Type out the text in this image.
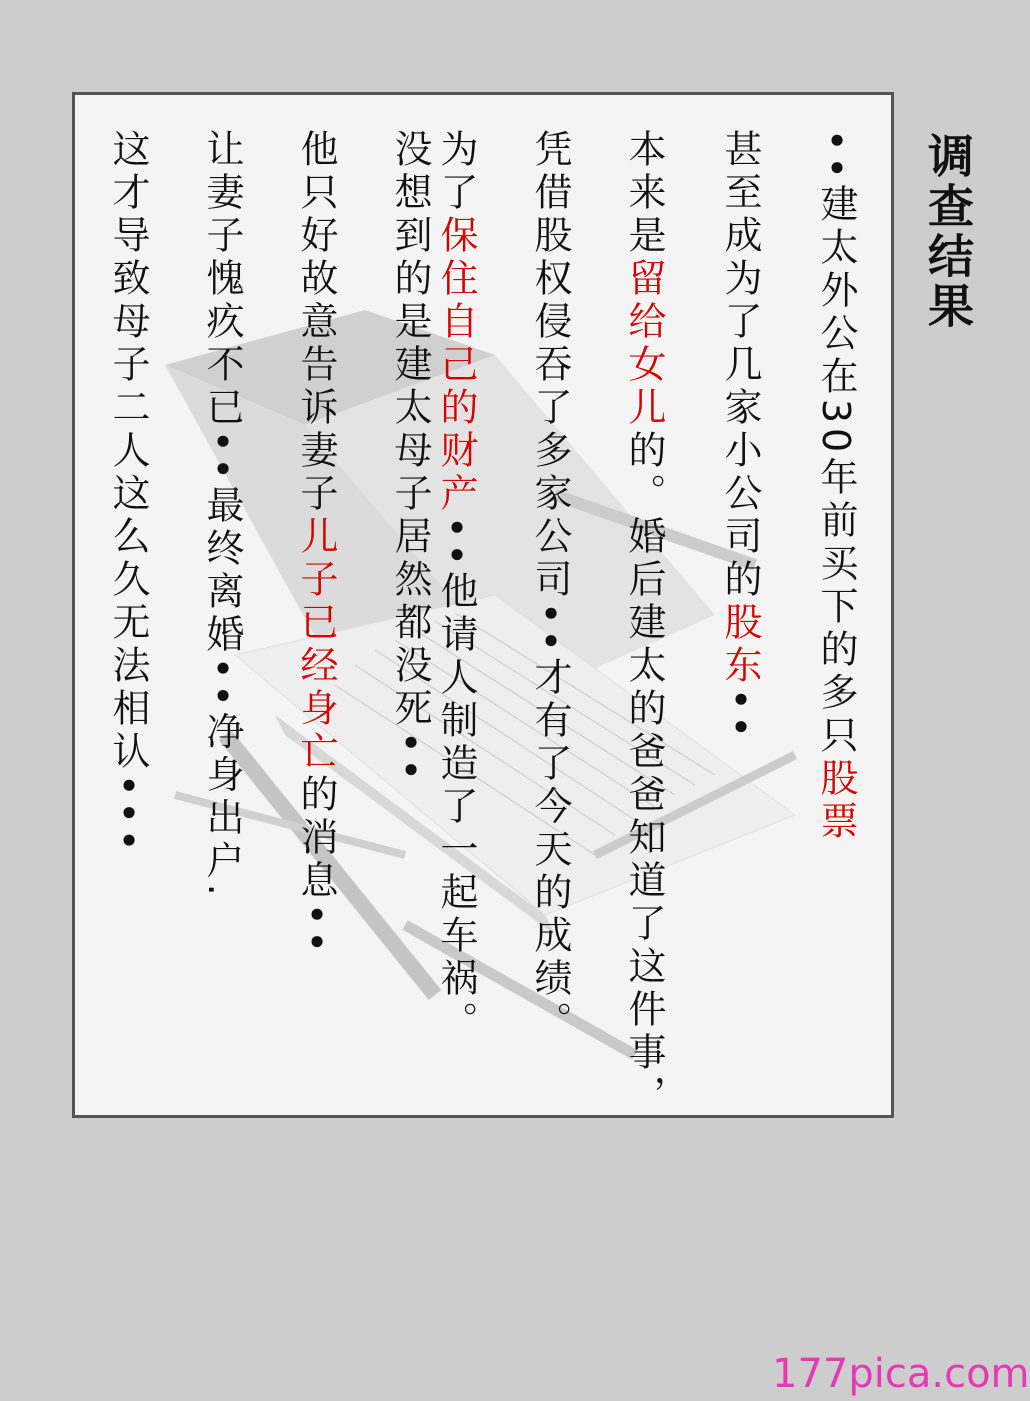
调查结果
••建太外公在30年前买下的多只股票
甚至成为了几家小公司的股东••
本来是留给女儿的。婚后建太的爸爸知道了这件事，
凭借股权侵吞了多家公司••才有了今天的成绩。
为了保住自己的财产••他请人制造了一起车祸。
没想到的是建太母子居然都没死••
他只好故意告诉妻子儿子已经身亡的消息••
让妻子愧疚不已••最终离婚••净身出户.
这才导致母子二人这么久无法相认•••
177pica.com
